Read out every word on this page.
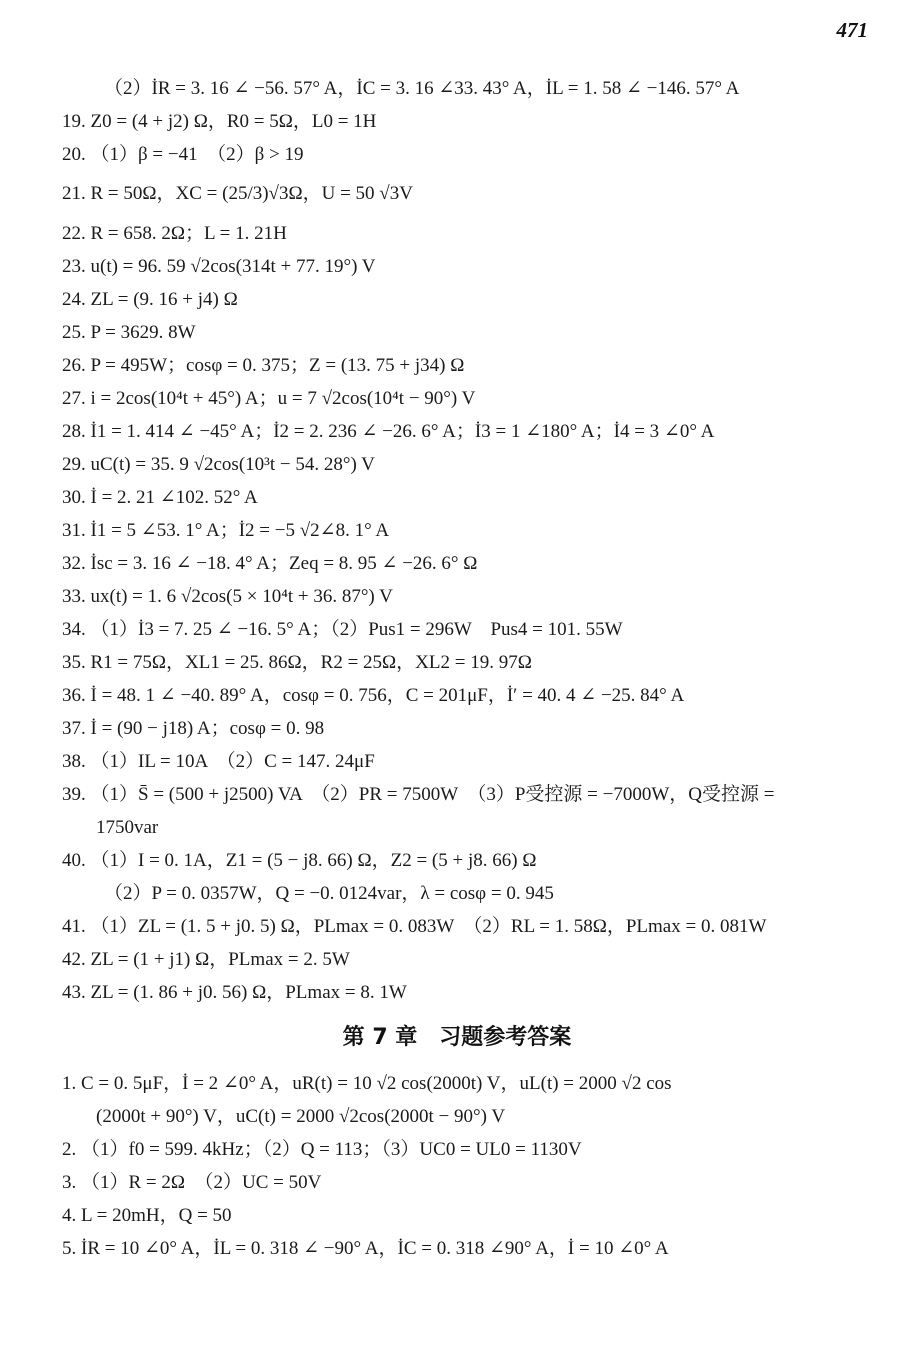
471
（2）İR = 3. 16 ∠ −56. 57° A，İC = 3. 16 ∠33. 43° A，İL = 1. 58 ∠ −146. 57° A
19. Z0 = (4 + j2) Ω，R0 = 5Ω，L0 = 1H
20. （1）β = −41　（2）β > 19
21. R = 50Ω，XC = (25/3)√3Ω，U = 50 √3V
22. R = 658. 2Ω；L = 1. 21H
23. u(t) = 96. 59 √2cos(314t + 77. 19°) V
24. ZL = (9. 16 + j4) Ω
25. P = 3629. 8W
26. P = 495W；cosφ = 0. 375；Z = (13. 75 + j34) Ω
27. i = 2cos(10⁴t + 45°) A；u = 7 √2cos(10⁴t − 90°) V
28. İ1 = 1. 414 ∠ −45° A；İ2 = 2. 236 ∠ −26. 6° A；İ3 = 1 ∠180° A；İ4 = 3 ∠0° A
29. uC(t) = 35. 9 √2cos(10³t − 54. 28°) V
30. İ = 2. 21 ∠102. 52° A
31. İ1 = 5 ∠53. 1° A；İ2 = −5 √2∠8. 1° A
32. İsc = 3. 16 ∠ −18. 4° A；Zeq = 8. 95 ∠ −26. 6° Ω
33. ux(t) = 1. 6 √2cos(5 × 10⁴t + 36. 87°) V
34. （1）İ3 = 7. 25 ∠ −16. 5° A；（2）Pus1 = 296W　Pus4 = 101. 55W
35. R1 = 75Ω，XL1 = 25. 86Ω，R2 = 25Ω，XL2 = 19. 97Ω
36. İ = 48. 1 ∠ −40. 89° A，cosφ = 0. 756，C = 201μF，İ′ = 40. 4 ∠ −25. 84° A
37. İ = (90 − j18) A；cosφ = 0. 98
38. （1）IL = 10A　（2）C = 147. 24μF
39. （1）S̄ = (500 + j2500) VA　（2）PR = 7500W　（3）P受控源 = −7000W，Q受控源 =
1750var
40. （1）I = 0. 1A，Z1 = (5 − j8. 66) Ω，Z2 = (5 + j8. 66) Ω
（2）P = 0. 0357W，Q = −0. 0124var，λ = cosφ = 0. 945
41. （1）ZL = (1. 5 + j0. 5) Ω，PLmax = 0. 083W　（2）RL = 1. 58Ω，PLmax = 0. 081W
42. ZL = (1 + j1) Ω，PLmax = 2. 5W
43. ZL = (1. 86 + j0. 56) Ω，PLmax = 8. 1W
第 7 章　习题参考答案
1. C = 0. 5μF，İ = 2 ∠0° A，uR(t) = 10 √2 cos(2000t) V，uL(t) = 2000 √2 cos
(2000t + 90°) V，uC(t) = 2000 √2cos(2000t − 90°) V
2. （1）f0 = 599. 4kHz；（2）Q = 113；（3）UC0 = UL0 = 1130V
3. （1）R = 2Ω　（2）UC = 50V
4. L = 20mH，Q = 50
5. İR = 10 ∠0° A，İL = 0. 318 ∠ −90° A，İC = 0. 318 ∠90° A，İ = 10 ∠0° A
